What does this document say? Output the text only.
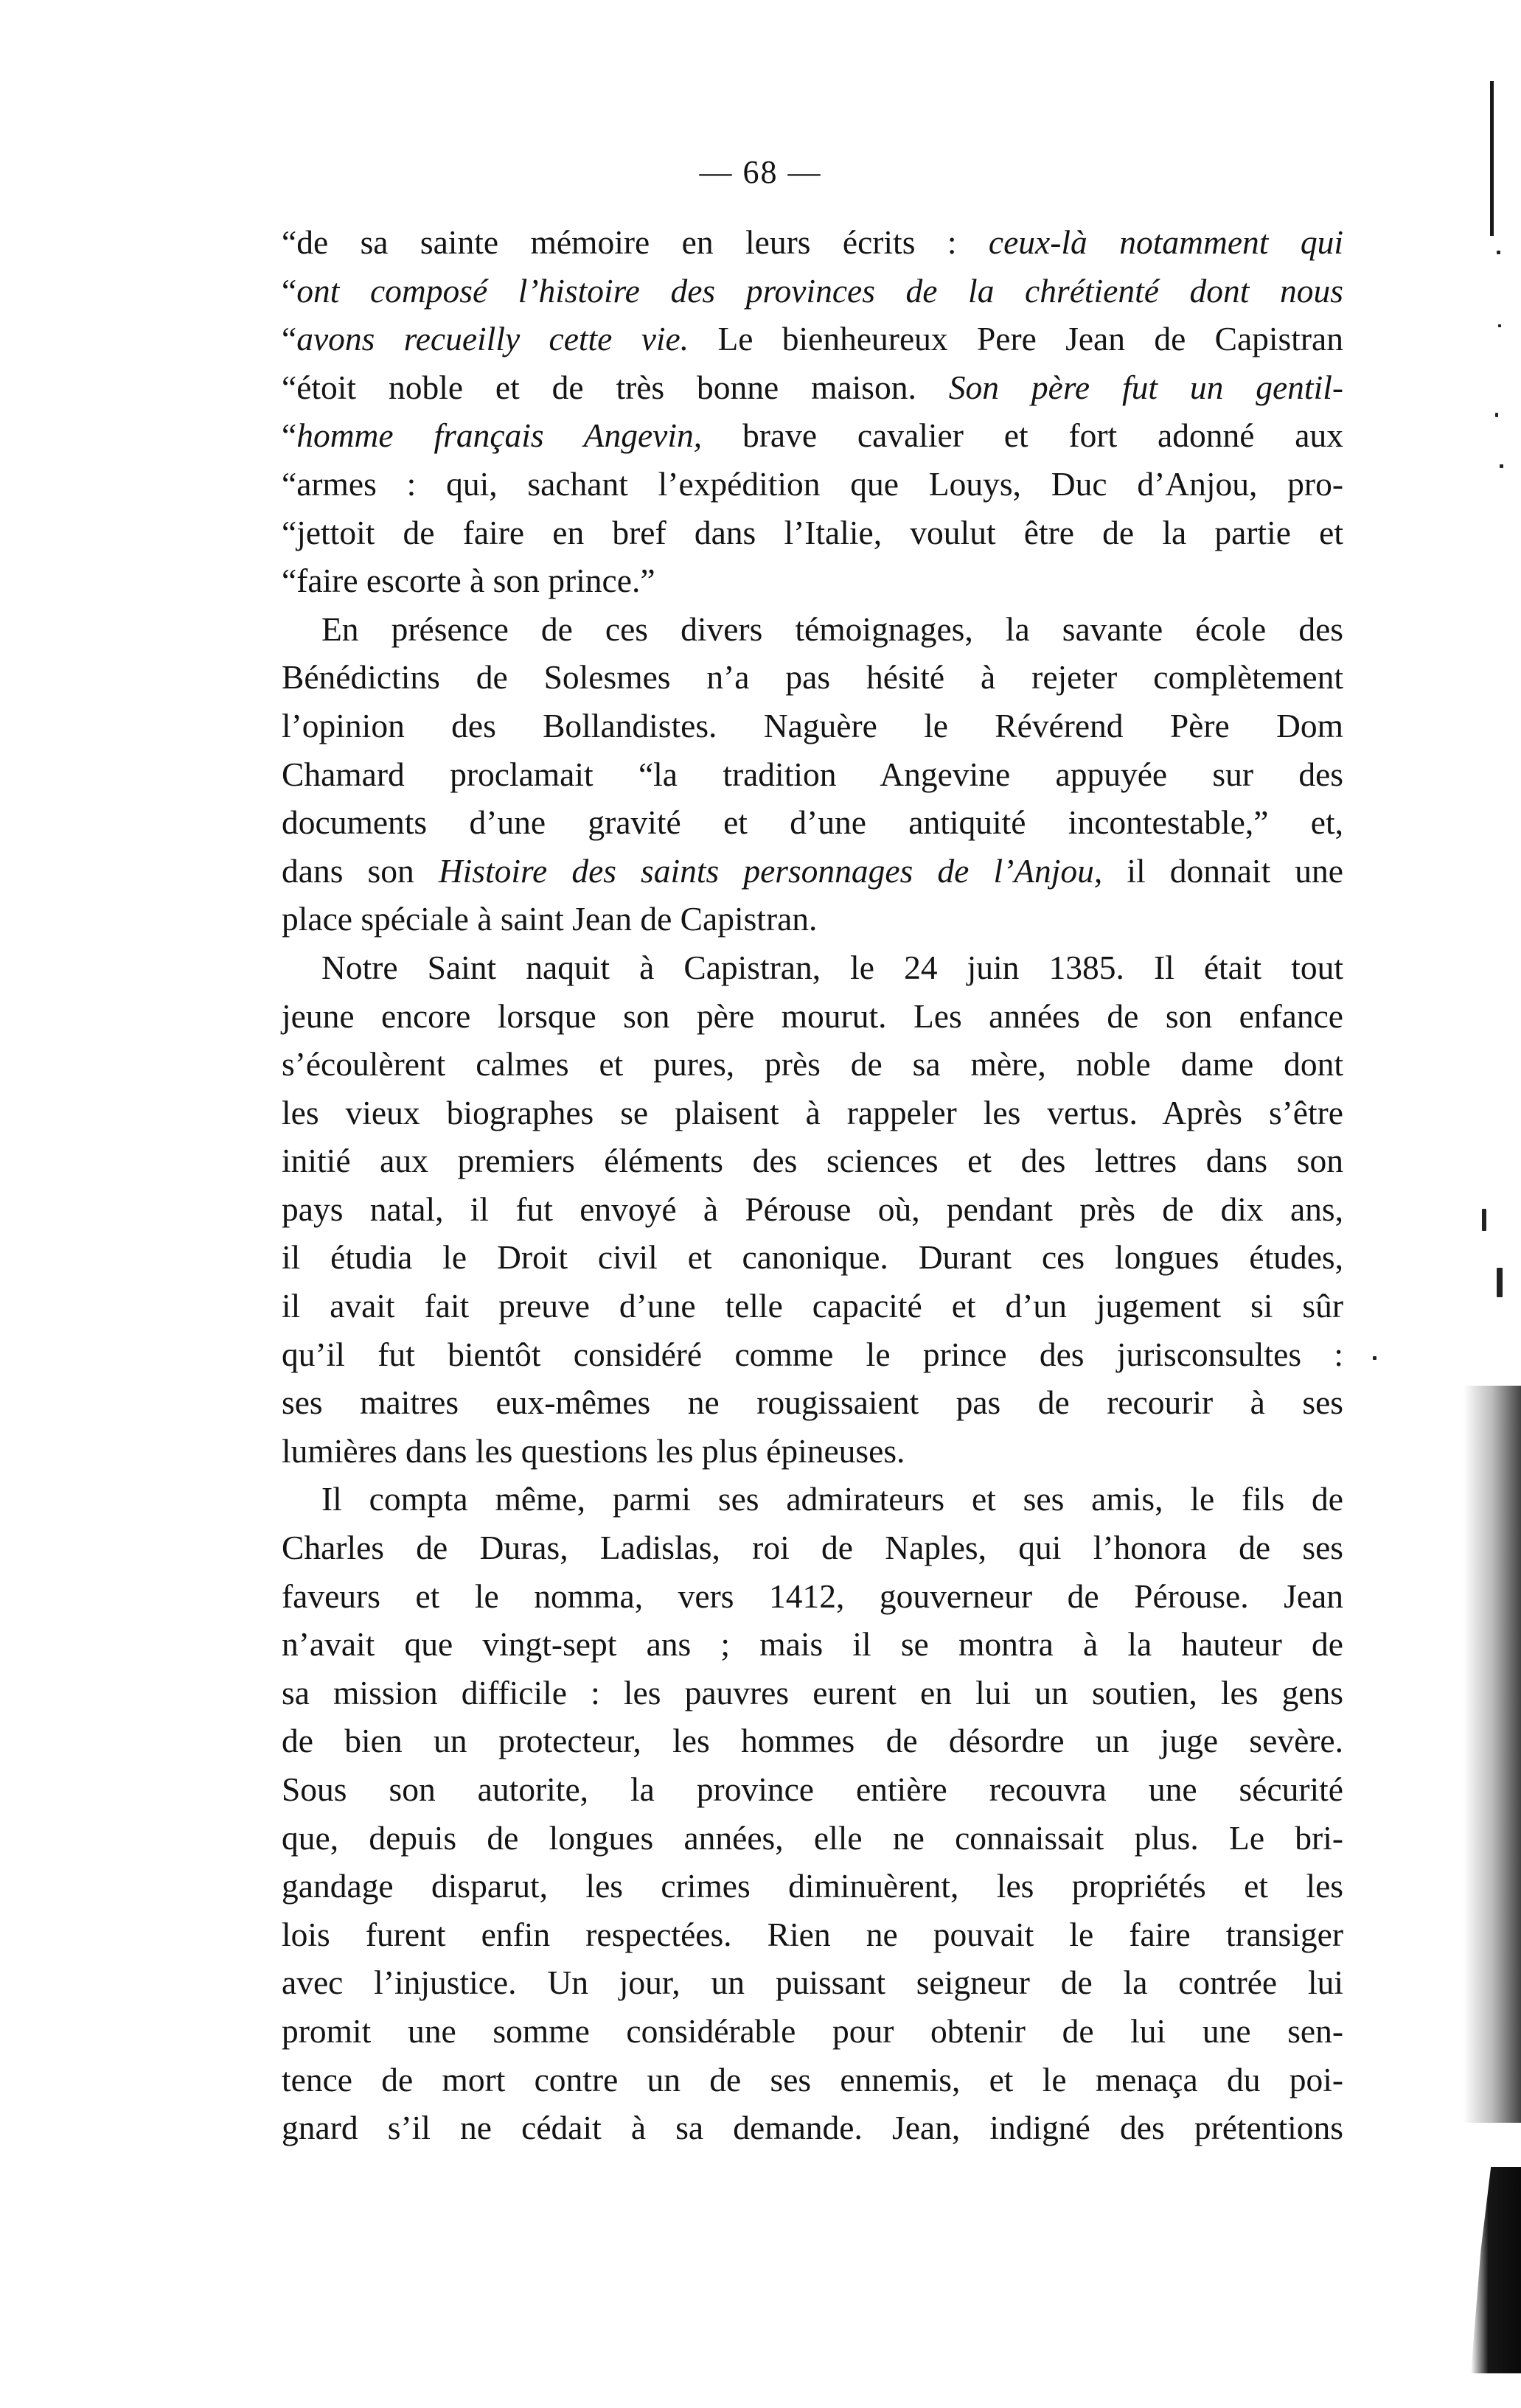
— 68 —
“de sa sainte mémoire en leurs écrits : ceux-là notamment qui
“ont composé l’histoire des provinces de la chrétienté dont nous
“avons recueilly cette vie. Le bienheureux Pere Jean de Capistran
“étoit noble et de très bonne maison. Son père fut un gentil-
“homme français Angevin, brave cavalier et fort adonné aux
“armes : qui, sachant l’expédition que Louys, Duc d’Anjou, pro-
“jettoit de faire en bref dans l’Italie, voulut être de la partie et
“faire escorte à son prince.”
En présence de ces divers témoignages, la savante école des
Bénédictins de Solesmes n’a pas hésité à rejeter complètement
l’opinion des Bollandistes. Naguère le Révérend Père Dom
Chamard proclamait “la tradition Angevine appuyée sur des
documents d’une gravité et d’une antiquité incontestable,” et,
dans son Histoire des saints personnages de l’Anjou, il donnait une
place spéciale à saint Jean de Capistran.
Notre Saint naquit à Capistran, le 24 juin 1385. Il était tout
jeune encore lorsque son père mourut. Les années de son enfance
s’écoulèrent calmes et pures, près de sa mère, noble dame dont
les vieux biographes se plaisent à rappeler les vertus. Après s’être
initié aux premiers éléments des sciences et des lettres dans son
pays natal, il fut envoyé à Pérouse où, pendant près de dix ans,
il étudia le Droit civil et canonique. Durant ces longues études,
il avait fait preuve d’une telle capacité et d’un jugement si sûr
qu’il fut bientôt considéré comme le prince des jurisconsultes :
ses maitres eux-mêmes ne rougissaient pas de recourir à ses
lumières dans les questions les plus épineuses.
Il compta même, parmi ses admirateurs et ses amis, le fils de
Charles de Duras, Ladislas, roi de Naples, qui l’honora de ses
faveurs et le nomma, vers 1412, gouverneur de Pérouse. Jean
n’avait que vingt-sept ans ; mais il se montra à la hauteur de
sa mission difficile : les pauvres eurent en lui un soutien, les gens
de bien un protecteur, les hommes de désordre un juge sevère.
Sous son autorite, la province entière recouvra une sécurité
que, depuis de longues années, elle ne connaissait plus. Le bri-
gandage disparut, les crimes diminuèrent, les propriétés et les
lois furent enfin respectées. Rien ne pouvait le faire transiger
avec l’injustice. Un jour, un puissant seigneur de la contrée lui
promit une somme considérable pour obtenir de lui une sen-
tence de mort contre un de ses ennemis, et le menaça du poi-
gnard s’il ne cédait à sa demande. Jean, indigné des prétentions
